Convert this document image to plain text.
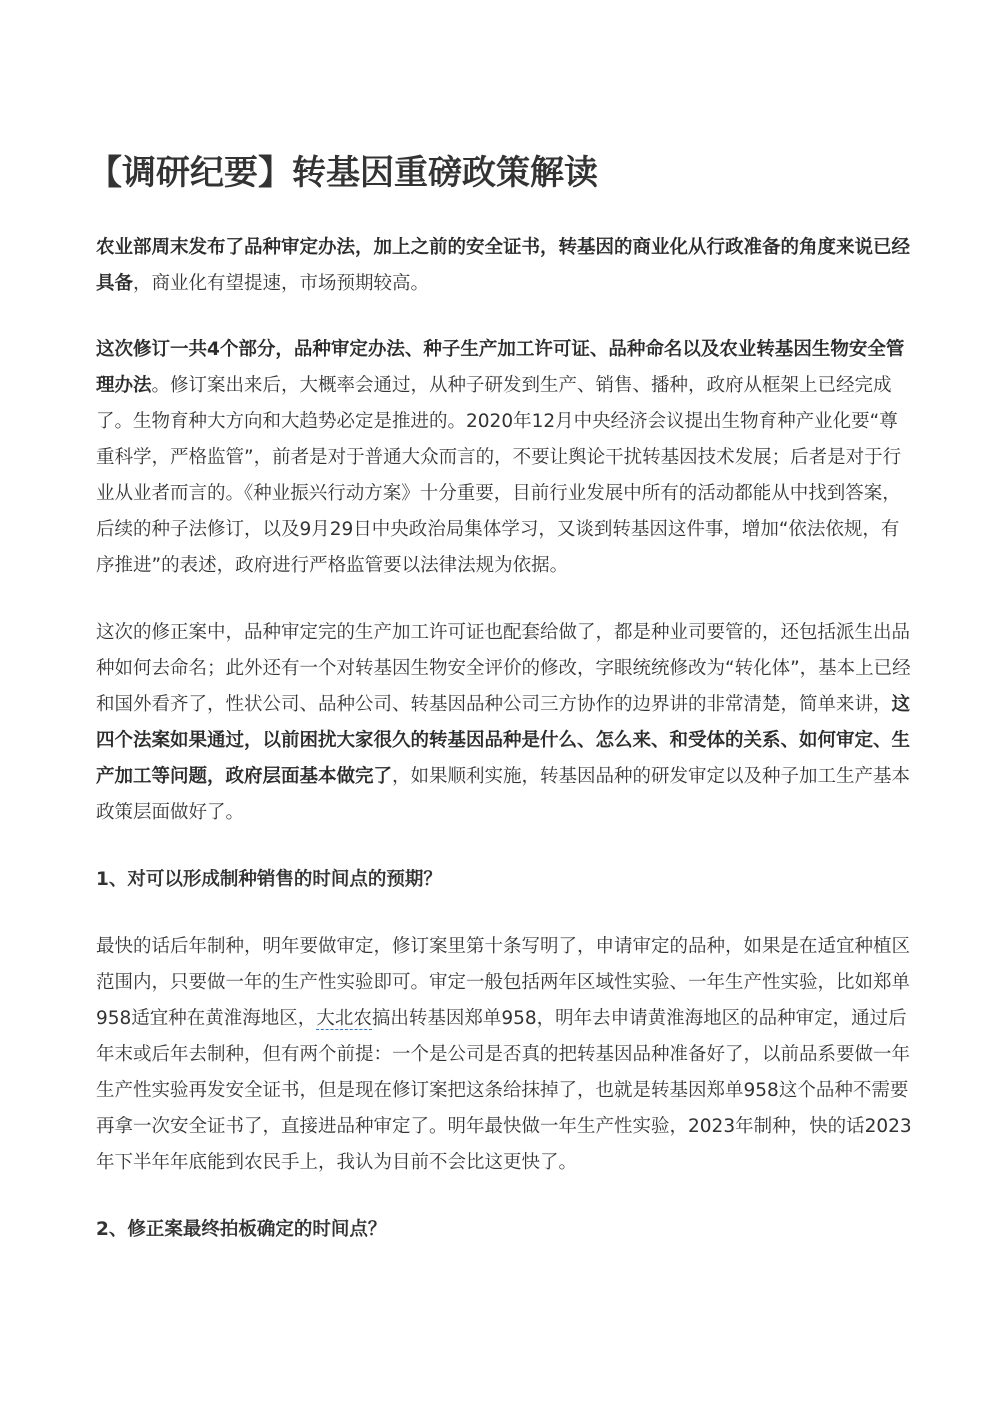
【调研纪要】转基因重磅政策解读

农业部周末发布了品种审定办法，加上之前的安全证书，转基因的商业化从行政准备的角度来说已经具备，商业化有望提速，市场预期较高。

这次修订一共4个部分，品种审定办法、种子生产加工许可证、品种命名以及农业转基因生物安全管理办法。修订案出来后，大概率会通过，从种子研发到生产、销售、播种，政府从框架上已经完成了。生物育种大方向和大趋势必定是推进的。2020年12月中央经济会议提出生物育种产业化要“尊重科学，严格监管”，前者是对于普通大众而言的，不要让舆论干扰转基因技术发展；后者是对于行业从业者而言的。《种业振兴行动方案》十分重要，目前行业发展中所有的活动都能从中找到答案，后续的种子法修订，以及9月29日中央政治局集体学习，又谈到转基因这件事，增加“依法依规，有序推进”的表述，政府进行严格监管要以法律法规为依据。

这次的修正案中，品种审定完的生产加工许可证也配套给做了，都是种业司要管的，还包括派生出品种如何去命名；此外还有一个对转基因生物安全评价的修改，字眼统统修改为“转化体”，基本上已经和国外看齐了，性状公司、品种公司、转基因品种公司三方协作的边界讲的非常清楚，简单来讲，这四个法案如果通过，以前困扰大家很久的转基因品种是什么、怎么来、和受体的关系、如何审定、生产加工等问题，政府层面基本做完了，如果顺利实施，转基因品种的研发审定以及种子加工生产基本政策层面做好了。

1、对可以形成制种销售的时间点的预期？

最快的话后年制种，明年要做审定，修订案里第十条写明了，申请审定的品种，如果是在适宜种植区范围内，只要做一年的生产性实验即可。审定一般包括两年区域性实验、一年生产性实验，比如郑单958适宜种在黄淮海地区，大北农搞出转基因郑单958，明年去申请黄淮海地区的品种审定，通过后年末或后年去制种，但有两个前提：一个是公司是否真的把转基因品种准备好了，以前品系要做一年生产性实验再发安全证书，但是现在修订案把这条给抹掉了，也就是转基因郑单958这个品种不需要再拿一次安全证书了，直接进品种审定了。明年最快做一年生产性实验，2023年制种，快的话2023年下半年年底能到农民手上，我认为目前不会比这更快了。

2、修正案最终拍板确定的时间点？
